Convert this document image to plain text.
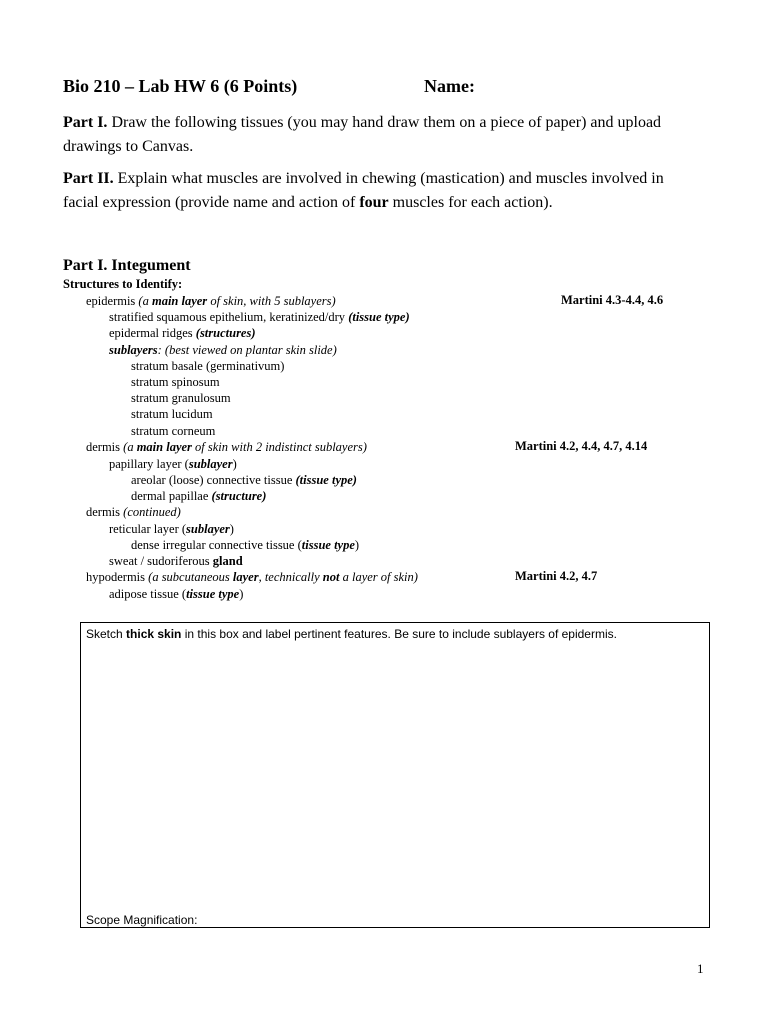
Bio 210 – Lab HW 6 (6 Points)	Name:
Part I. Draw the following tissues (you may hand draw them on a piece of paper) and upload drawings to Canvas.
Part II. Explain what muscles are involved in chewing (mastication) and muscles involved in facial expression (provide name and action of four muscles for each action).
Part I. Integument
Structures to Identify:
epidermis (a main layer of skin, with 5 sublayers)	Martini 4.3-4.4, 4.6
stratified squamous epithelium, keratinized/dry (tissue type)
epidermal ridges (structures)
sublayers: (best viewed on plantar skin slide)
stratum basale (germinativum)
stratum spinosum
stratum granulosum
stratum lucidum
stratum corneum
dermis (a main layer of skin with 2 indistinct sublayers)	Martini 4.2, 4.4, 4.7, 4.14
papillary layer (sublayer)
areolar (loose) connective tissue (tissue type)
dermal papillae (structure)
dermis (continued)
reticular layer (sublayer)
dense irregular connective tissue (tissue type)
sweat / sudoriferous gland
hypodermis (a subcutaneous layer, technically not a layer of skin)	Martini 4.2, 4.7
adipose tissue (tissue type)
Sketch thick skin in this box and label pertinent features. Be sure to include sublayers of epidermis.
Scope Magnification:
1
